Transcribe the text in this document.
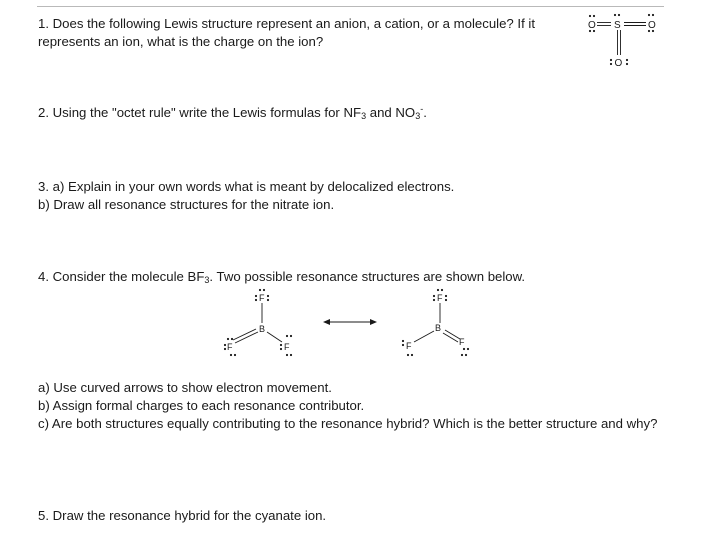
1. Does the following Lewis structure represent an anion, a cation, or a molecule? If it
represents an ion, what is the charge on the ion?

O S	O
O

2. Using the "octet rule" write the Lewis formulas for $NF_3$ and $NO_3^-$.

3. a) Explain in your own words what is meant by delocalized electrons.
b) Draw all resonance structures for the nitrate ion.

4. Consider the molecule $BF_3$. Two possible resonance structures are shown below.

F
B
F	F
F
B
F	F

a) Use curved arrows to show electron movement.
b) Assign formal charges to each resonance contributor.
c) Are both structures equally contributing to the resonance hybrid? Which is the better structure and why?

5. Draw the resonance hybrid for the cyanate ion.
